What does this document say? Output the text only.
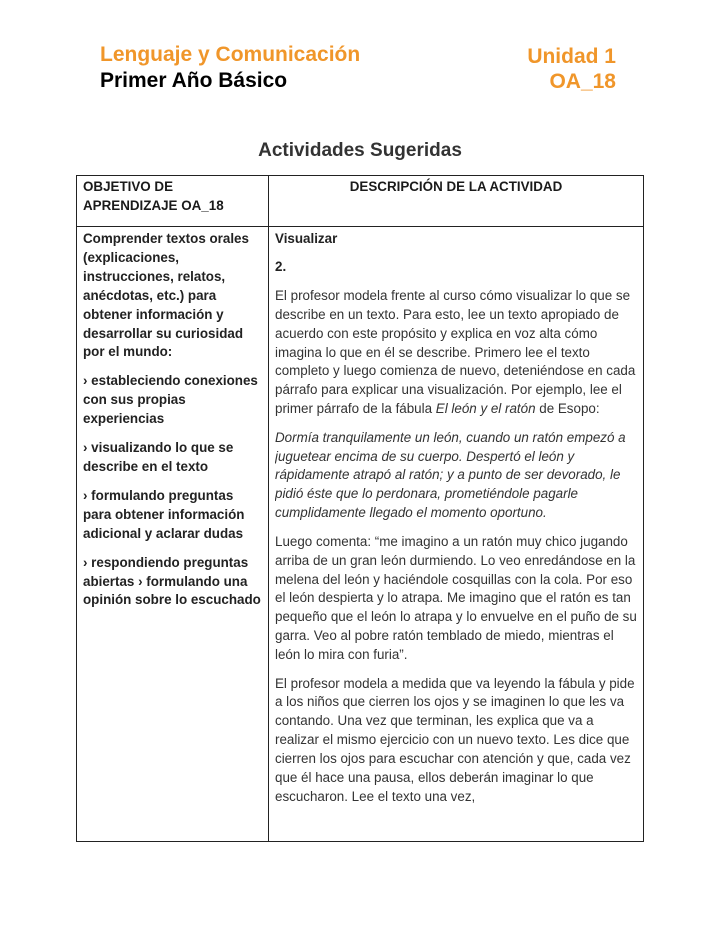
Lenguaje y Comunicación
Primer Año Básico
Unidad 1
OA_18
Actividades Sugeridas
OBJETIVO DE APRENDIZAJE OA_18
DESCRIPCIÓN DE LA ACTIVIDAD

Comprender textos orales (explicaciones, instrucciones, relatos, anécdotas, etc.) para obtener información y desarrollar su curiosidad por el mundo:

› estableciendo conexiones con sus propias experiencias

› visualizando lo que se describe en el texto

› formulando preguntas para obtener información adicional y aclarar dudas

› respondiendo preguntas abiertas › formulando una opinión sobre lo escuchado

Visualizar

2.

El profesor modela frente al curso cómo visualizar lo que se describe en un texto. Para esto, lee un texto apropiado de acuerdo con este propósito y explica en voz alta cómo imagina lo que en él se describe. Primero lee el texto completo y luego comienza de nuevo, deteniéndose en cada párrafo para explicar una visualización. Por ejemplo, lee el primer párrafo de la fábula El león y el ratón de Esopo:

Dormía tranquilamente un león, cuando un ratón empezó a juguetear encima de su cuerpo. Despertó el león y rápidamente atrapó al ratón; y a punto de ser devorado, le pidió éste que lo perdonara, prometiéndole pagarle cumplidamente llegado el momento oportuno.

Luego comenta: “me imagino a un ratón muy chico jugando arriba de un gran león durmiendo. Lo veo enredándose en la melena del león y haciéndole cosquillas con la cola. Por eso el león despierta y lo atrapa. Me imagino que el ratón es tan pequeño que el león lo atrapa y lo envuelve en el puño de su garra. Veo al pobre ratón temblado de miedo, mientras el león lo mira con furia”.

El profesor modela a medida que va leyendo la fábula y pide a los niños que cierren los ojos y se imaginen lo que les va contando. Una vez que terminan, les explica que va a realizar el mismo ejercicio con un nuevo texto. Les dice que cierren los ojos para escuchar con atención y que, cada vez que él hace una pausa, ellos deberán imaginar lo que escucharon. Lee el texto una vez,
